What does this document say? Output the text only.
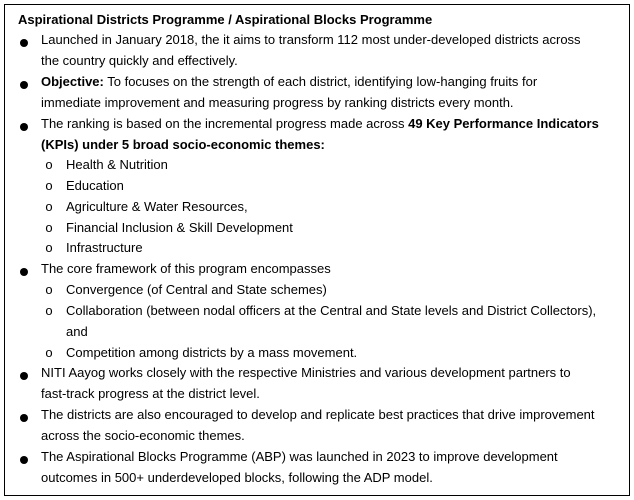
Aspirational Districts Programme / Aspirational Blocks Programme
Launched in January 2018, the it aims to transform 112 most under-developed districts across
the country quickly and effectively.
Objective: To focuses on the strength of each district, identifying low-hanging fruits for
immediate improvement and measuring progress by ranking districts every month.
The ranking is based on the incremental progress made across 49 Key Performance Indicators
(KPIs) under 5 broad socio-economic themes:
o Health & Nutrition
o Education
o Agriculture & Water Resources,
o Financial Inclusion & Skill Development
o Infrastructure
The core framework of this program encompasses
o Convergence (of Central and State schemes)
o Collaboration (between nodal officers at the Central and State levels and District Collectors),
and
o Competition among districts by a mass movement.
NITI Aayog works closely with the respective Ministries and various development partners to
fast-track progress at the district level.
The districts are also encouraged to develop and replicate best practices that drive improvement
across the socio-economic themes.
The Aspirational Blocks Programme (ABP) was launched in 2023 to improve development
outcomes in 500+ underdeveloped blocks, following the ADP model.
